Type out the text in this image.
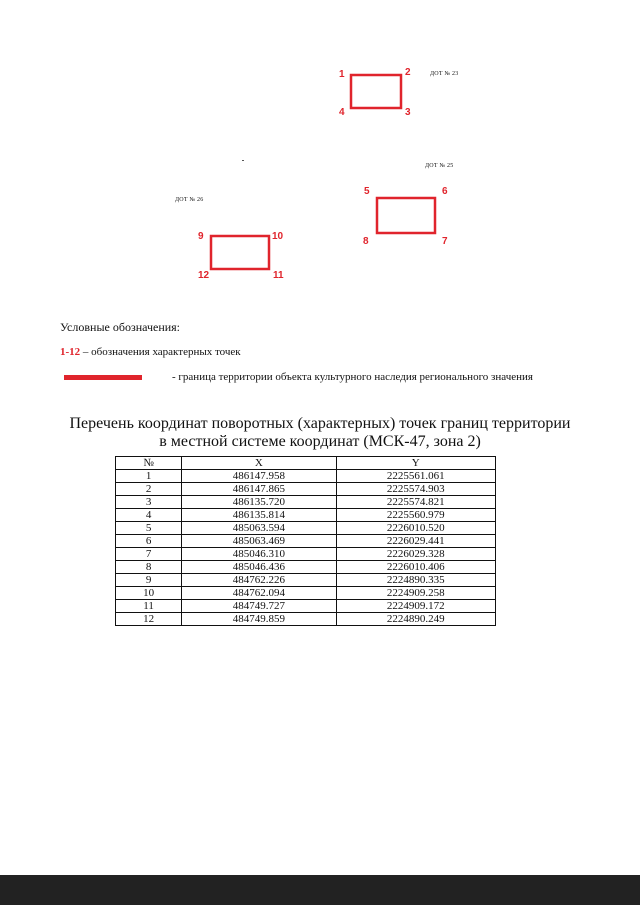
1	2
3
4
ДОТ № 23
5	6
7
8
ДОТ № 25
9	10
11
12
ДОТ № 26
Условные обозначения:
1-12 – обозначения характерных точек
- граница территории объекта культурного наследия регионального значения
Перечень координат поворотных (характерных) точек границ территории
в местной системе координат (МСК-47, зона 2)
№	X	Y
1	486147.958	2225561.061
2	486147.865	2225574.903
3	486135.720	2225574.821
4	486135.814	2225560.979
5	485063.594	2226010.520
6	485063.469	2226029.441
7	485046.310	2226029.328
8	485046.436	2226010.406
9	484762.226	2224890.335
10	484762.094	2224909.258
11	484749.727	2224909.172
12	484749.859	2224890.249
